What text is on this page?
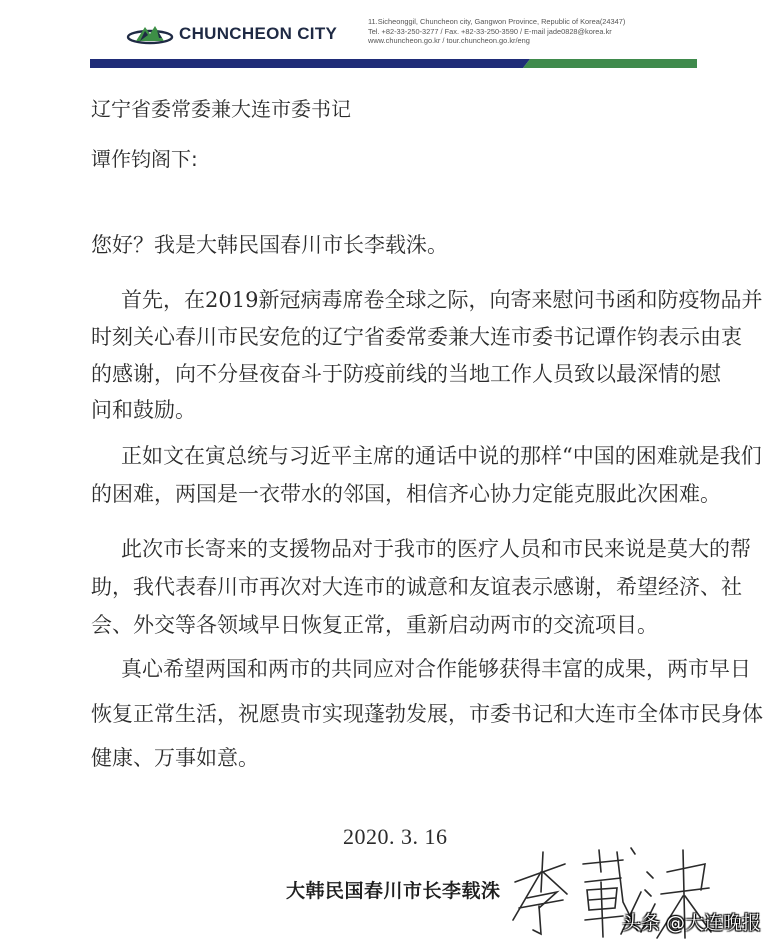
CHUNCHEON CITY
11.Sicheonggil, Chuncheon city, Gangwon Province, Republic of Korea(24347)
Tel. +82-33-250-3277 / Fax. +82-33-250-3590 / E-mail jade0828@korea.kr
www.chuncheon.go.kr / tour.chuncheon.go.kr/eng
辽宁省委常委兼大连市委书记
谭作钧阁下:
您好？我是大韩民国春川市长李载洙。
首先，在2019新冠病毒席卷全球之际，向寄来慰问书函和防疫物品并
时刻关心春川市民安危的辽宁省委常委兼大连市委书记谭作钧表示由衷
的感谢，向不分昼夜奋斗于防疫前线的当地工作人员致以最深情的慰
问和鼓励。
正如文在寅总统与习近平主席的通话中说的那样“中国的困难就是我们
的困难，两国是一衣带水的邻国，相信齐心协力定能克服此次困难。
此次市长寄来的支援物品对于我市的医疗人员和市民来说是莫大的帮
助，我代表春川市再次对大连市的诚意和友谊表示感谢，希望经济、社
会、外交等各领域早日恢复正常，重新启动两市的交流项目。
真心希望两国和两市的共同应对合作能够获得丰富的成果，两市早日
恢复正常生活，祝愿贵市实现蓬勃发展，市委书记和大连市全体市民身体
健康、万事如意。
2020. 3. 16
大韩民国春川市长李载洙
头条 @大连晚报
